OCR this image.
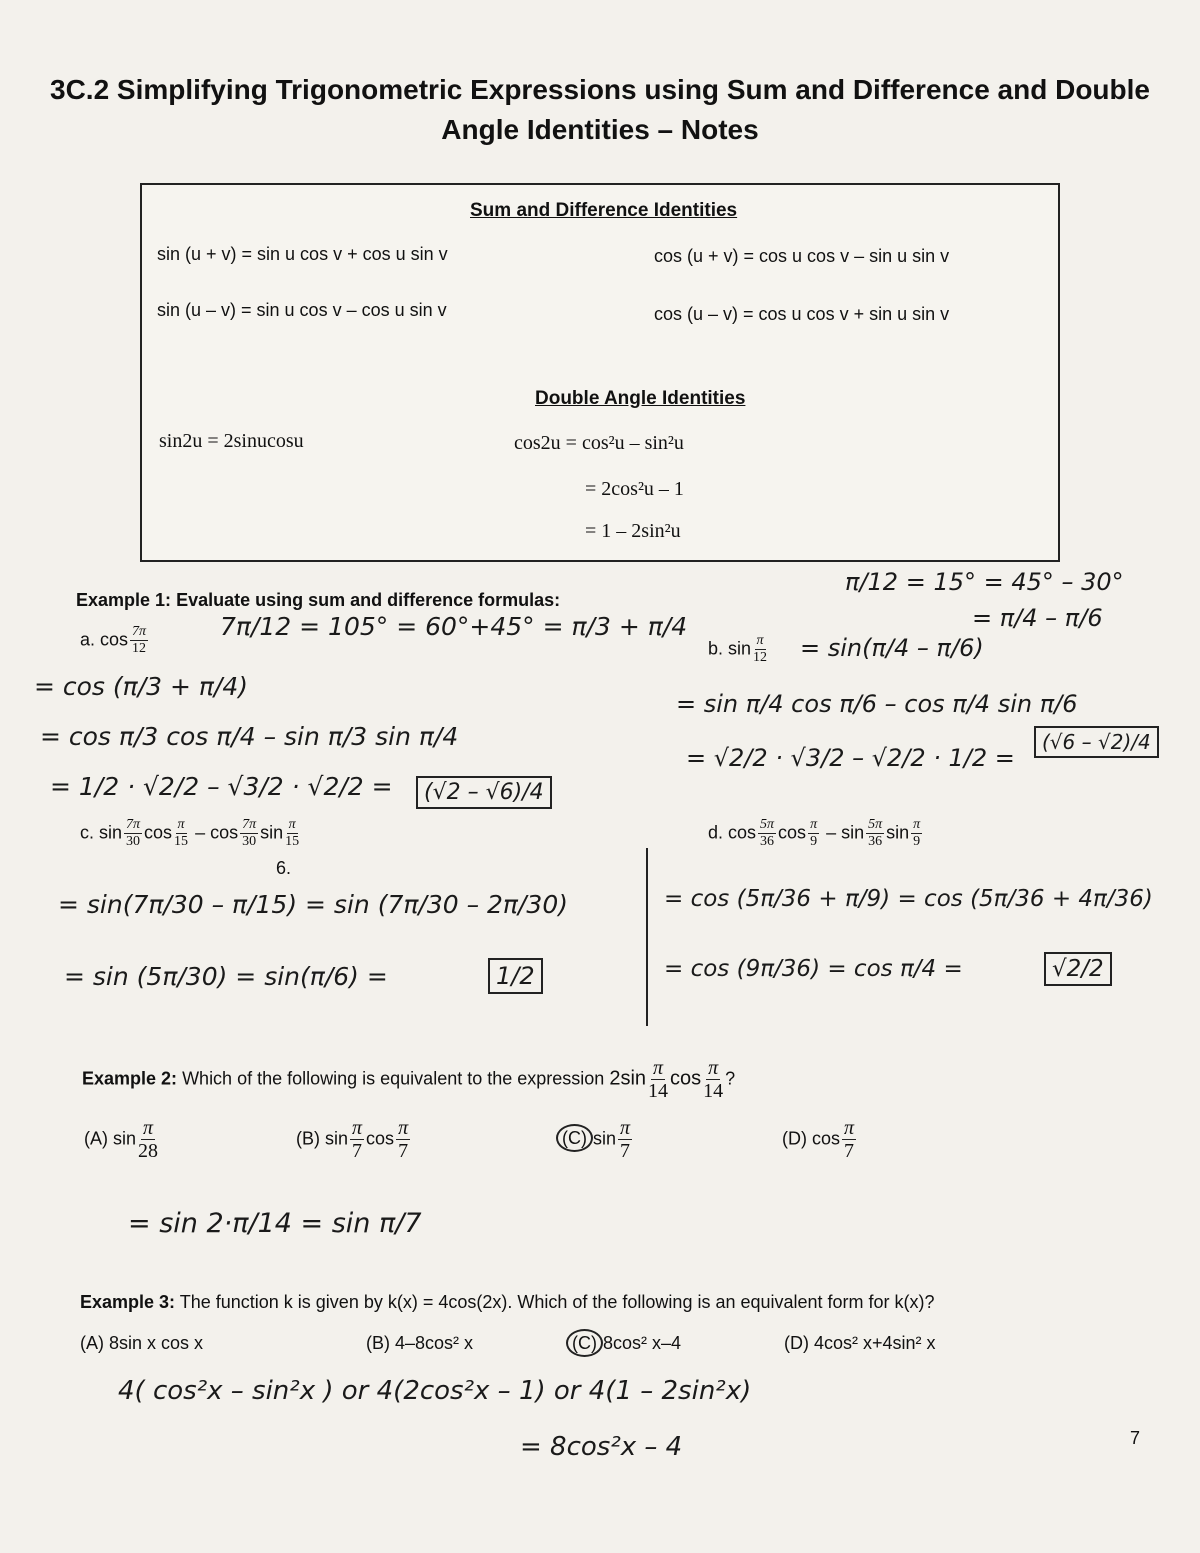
3C.2 Simplifying Trigonometric Expressions using Sum and Difference and Double
Angle Identities – Notes
Sum and Difference Identities
sin (u + v) = sin u cos v + cos u sin v	cos (u + v) = cos u cos v – sin u sin v
sin (u – v) = sin u cos v – cos u sin v	cos (u – v) = cos u cos v + sin u sin v
Double Angle Identities
sin2u = 2sinucosu	cos2u = cos²u – sin²u
= 2cos²u – 1
= 1 – 2sin²u
Example 1: Evaluate using sum and difference formulas:
a. $\cos \frac{7\pi}{12}$	7π/12 = 105° = 60°+45° = π/3 + π/4
= cos (π/3 + π/4)
= cos π/3 cos π/4 – sin π/3 sin π/4
= 1/2 · √2/2 – √3/2 · √2/2 =	(√2 – √6)/4
π/12 = 15° = 45° – 30°
= π/4 – π/6
b. $\sin \frac{\pi}{12} = \sin(\pi/4 - \pi/6)$
= sin π/4 cos π/6 – cos π/4 sin π/6
= √2/2 · √3/2 – √2/2 · 1/2 =
(√6 – √2)/4
c. $\sin \frac{7\pi}{30}$ $\cos \frac{\pi}{15}$ – $\cos \frac{7\pi}{30}$ $\sin \frac{\pi}{15}$
6.
= sin(7π/30 – π/15) = sin (7π/30 – 2π/30)
= sin (5π/30) = sin(π/6) =	1/2
d. $\cos \frac{5\pi}{36}$ $\cos \frac{\pi}{9}$ – $\sin \frac{5\pi}{36}$ $\sin \frac{\pi}{9}$
= cos (5π/36 + π/9) = cos (5π/36 + 4π/36)
= cos (9π/36) = cos π/4 =	√2/2
Example 2: Which of the following is equivalent to the expression $2\sin \frac{\pi}{14}$ $\cos \frac{\pi}{14}$ ?
(A) $\sin \frac{\pi}{28}$	(B) $\sin \frac{\pi}{7}$ $\cos \frac{\pi}{7}$	(C) $\sin \frac{\pi}{7}$	(D) $\cos \frac{\pi}{7}$
= sin 2·π/14 = sin π/7
Example 3: The function k is given by k(x) = 4cos(2x). Which of the following is an equivalent form for k(x)?
(A) 8sin x cos x	(B) 4–8cos² x	(C) 8cos² x–4	(D) 4cos² x+4sin² x
4( cos²x – sin²x ) or 4(2cos²x – 1) or 4(1 – 2sin²x)
= 8cos²x – 4	7
